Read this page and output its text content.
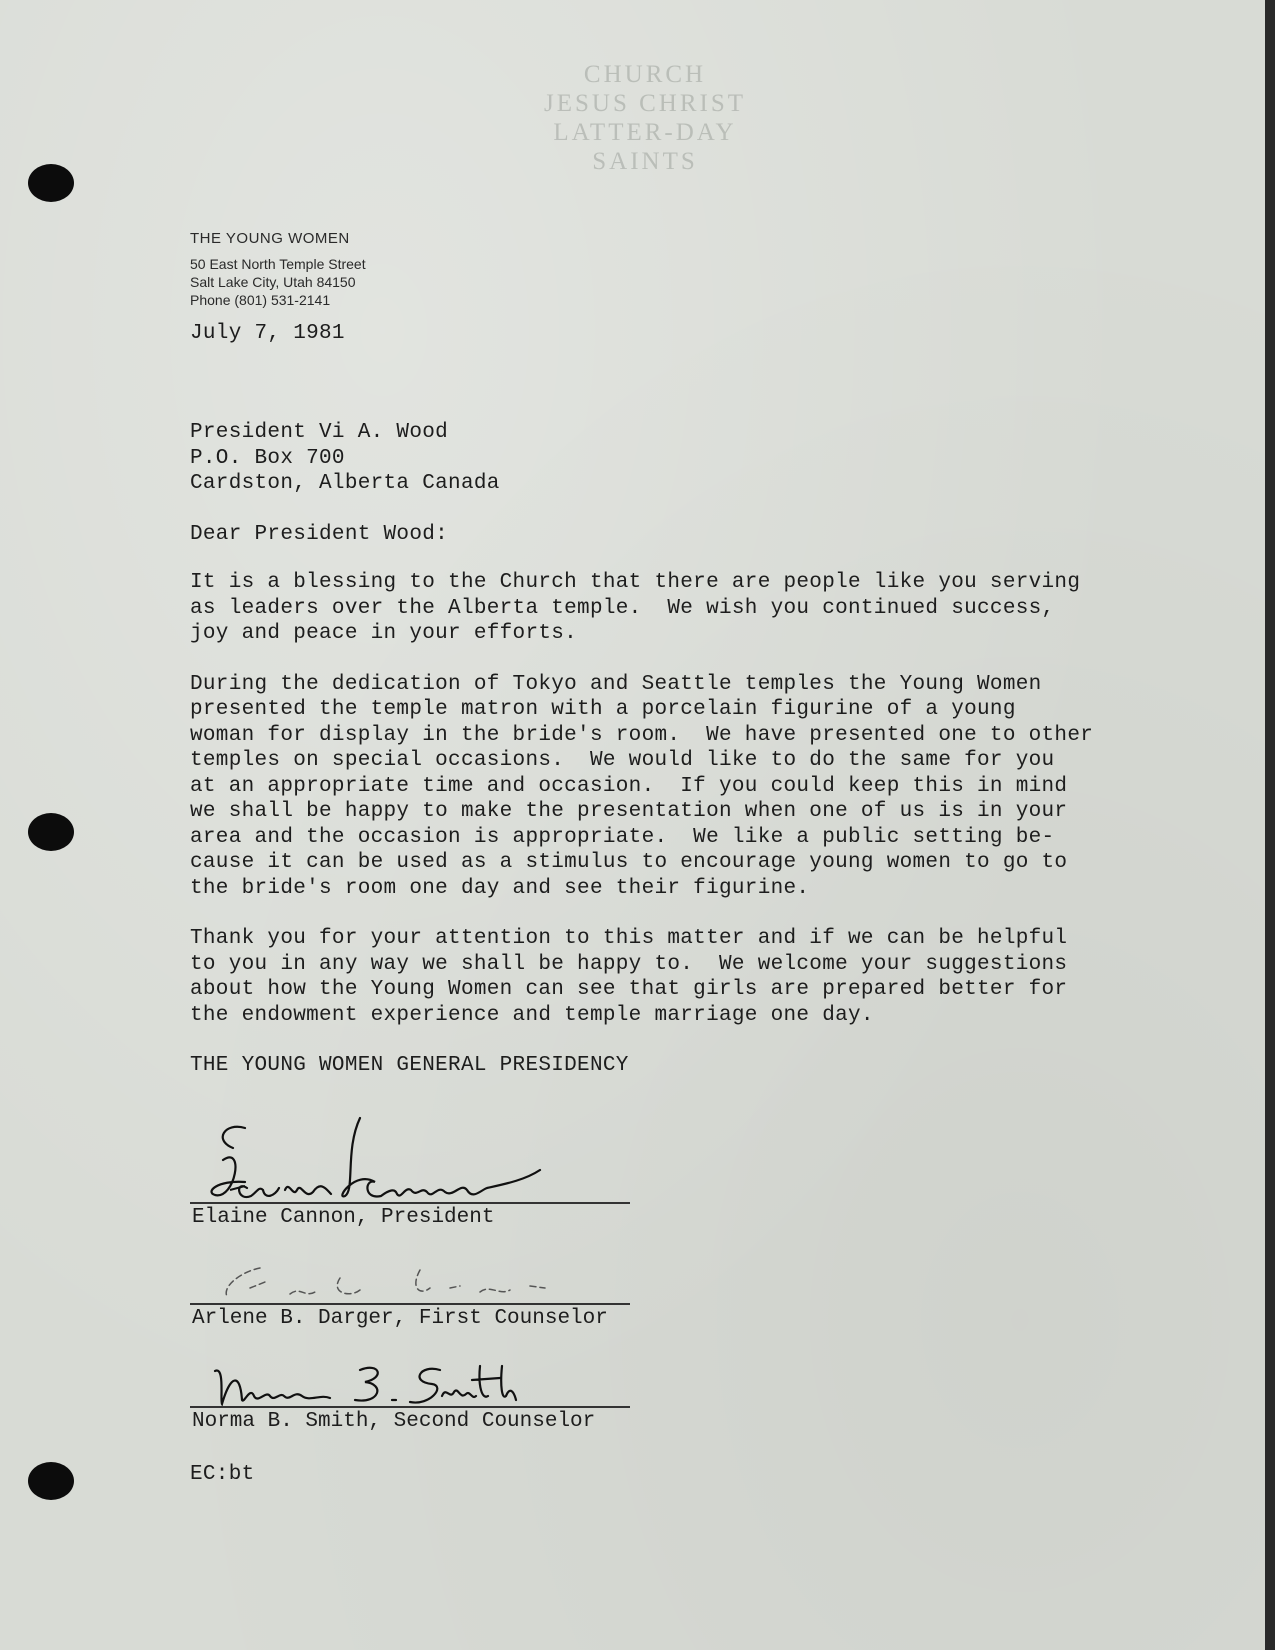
CHURCH
JESUS CHRIST
LATTER-DAY
SAINTS
THE YOUNG WOMEN
50 East North Temple Street
Salt Lake City, Utah 84150
Phone (801) 531-2141
July 7, 1981
President Vi A. Wood
P.O. Box 700
Cardston, Alberta Canada
Dear President Wood:
It is a blessing to the Church that there are people like you serving
as leaders over the Alberta temple.  We wish you continued success,
joy and peace in your efforts.
During the dedication of Tokyo and Seattle temples the Young Women
presented the temple matron with a porcelain figurine of a young
woman for display in the bride's room.  We have presented one to other
temples on special occasions.  We would like to do the same for you
at an appropriate time and occasion.  If you could keep this in mind
we shall be happy to make the presentation when one of us is in your
area and the occasion is appropriate.  We like a public setting be-
cause it can be used as a stimulus to encourage young women to go to
the bride's room one day and see their figurine.
Thank you for your attention to this matter and if we can be helpful
to you in any way we shall be happy to.  We welcome your suggestions
about how the Young Women can see that girls are prepared better for
the endowment experience and temple marriage one day.
THE YOUNG WOMEN GENERAL PRESIDENCY
Elaine Cannon, President
Arlene B. Darger, First Counselor
Norma B. Smith, Second Counselor
EC:bt
